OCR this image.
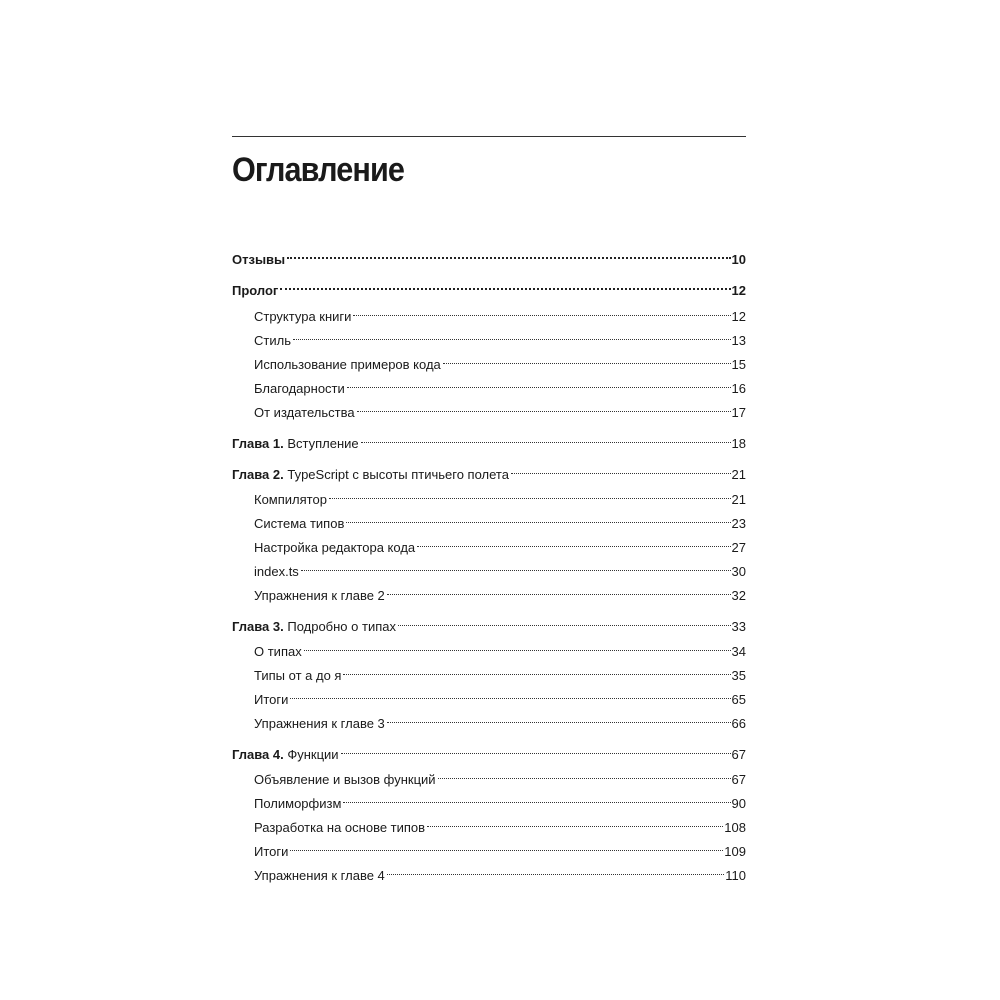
Оглавление
Отзывы	10
Пролог	12
Структура книги	12
Стиль	13
Использование примеров кода	15
Благодарности	16
От издательства	17
Глава 1. Вступление	18
Глава 2. TypeScript с высоты птичьего полета	21
Компилятор	21
Система типов	23
Настройка редактора кода	27
index.ts	30
Упражнения к главе 2	32
Глава 3. Подробно о типах	33
О типах	34
Типы от а до я	35
Итоги	65
Упражнения к главе 3	66
Глава 4. Функции	67
Объявление и вызов функций	67
Полиморфизм	90
Разработка на основе типов	108
Итоги	109
Упражнения к главе 4	110
